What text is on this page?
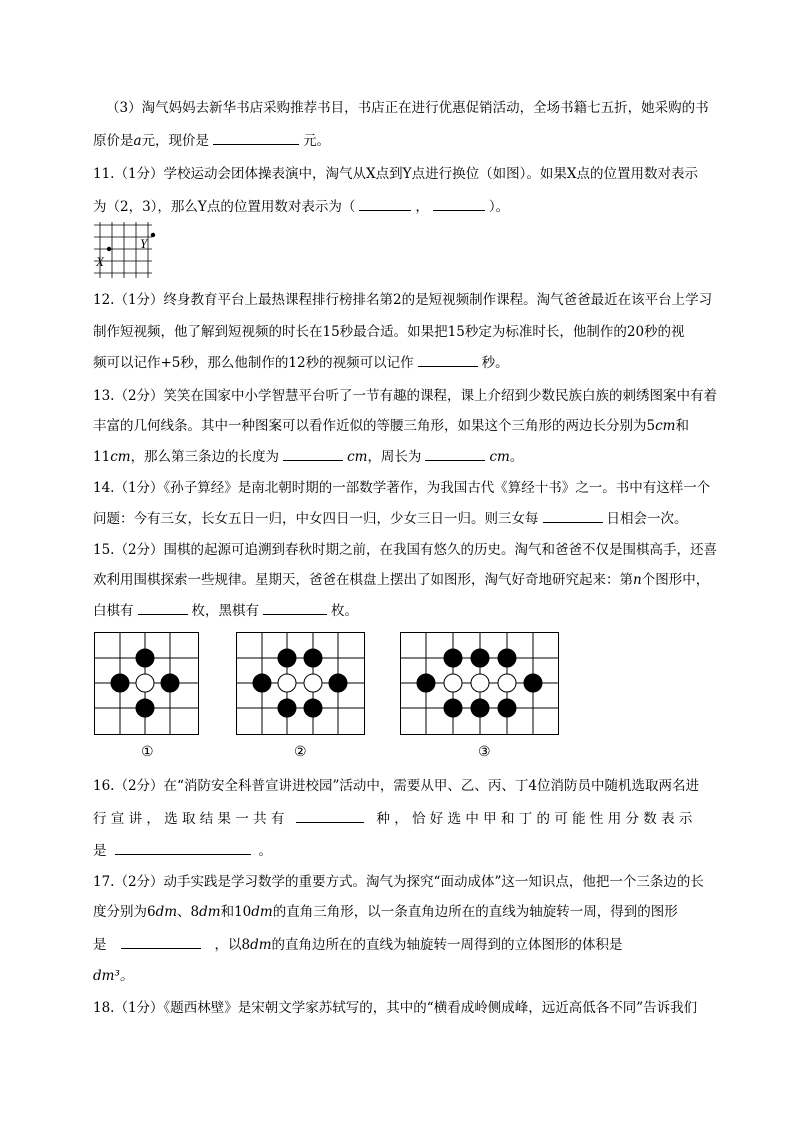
（3）淘气妈妈去新华书店采购推荐书目，书店正在进行优惠促销活动，全场书籍七五折，她采购的书
原价是a元，现价是	元。
11.（1分）学校运动会团体操表演中，淘气从X点到Y点进行换位（如图）。如果X点的位置用数对表示
为（2，3），那么Y点的位置用数对表示为（	，	）。
X
Y
12.（1分）终身教育平台上最热课程排行榜排名第2的是短视频制作课程。淘气爸爸最近在该平台上学习
制作短视频，他了解到短视频的时长在15秒最合适。如果把15秒定为标准时长，他制作的20秒的视
频可以记作+5秒，那么他制作的12秒的视频可以记作	秒。
13.（2分）笑笑在国家中小学智慧平台听了一节有趣的课程，课上介绍到少数民族白族的刺绣图案中有着
丰富的几何线条。其中一种图案可以看作近似的等腰三角形，如果这个三角形的两边长分别为5cm和
11cm，那么第三条边的长度为	cm，周长为	cm。
14.（1分）《孙子算经》是南北朝时期的一部数学著作，为我国古代《算经十书》之一。书中有这样一个
问题：今有三女，长女五日一归，中女四日一归，少女三日一归。则三女每	日相会一次。
15.（2分）围棋的起源可追溯到春秋时期之前，在我国有悠久的历史。淘气和爸爸不仅是围棋高手，还喜
欢利用围棋探索一些规律。星期天，爸爸在棋盘上摆出了如图形，淘气好奇地研究起来：第n个图形中，
白棋有	枚，黑棋有	枚。
①	②	③
16.（2分）在“消防安全科普宣讲进校园”活动中，需要从甲、乙、丙、丁4位消防员中随机选取两名进
行 宣 讲 ， 选 取 结 果 一 共 有	种 ， 恰 好 选 中 甲 和 丁 的 可 能 性 用 分 数 表 示
是	。
17.（2分）动手实践是学习数学的重要方式。淘气为探究“面动成体”这一知识点，他把一个三条边的长
度分别为6dm、8dm和10dm的直角三角形，以一条直角边所在的直线为轴旋转一周，得到的图形
是	，以8dm的直角边所在的直线为轴旋转一周得到的立体图形的体积是
dm³。
18.（1分）《题西林壁》是宋朝文学家苏轼写的，其中的“横看成岭侧成峰，远近高低各不同”告诉我们
